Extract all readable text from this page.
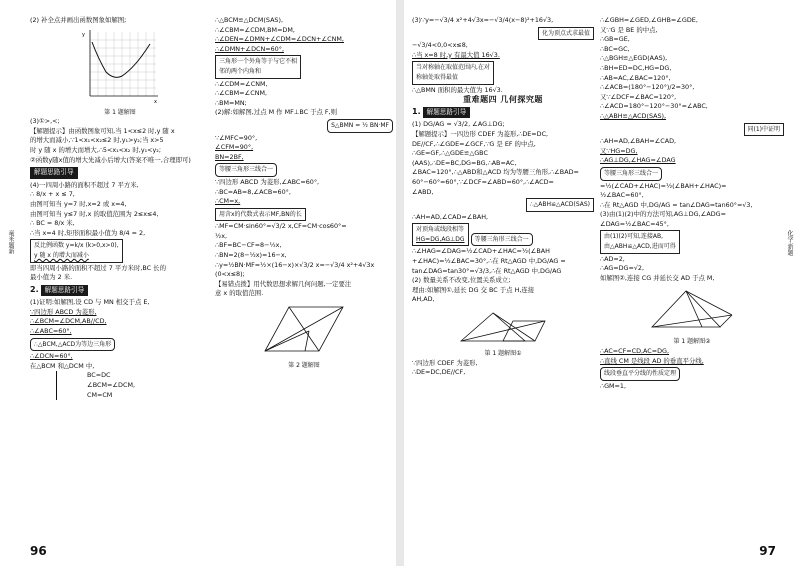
毫米题新

(2) 补全点并画出函数图象如解图;

y
x

第 1 题解图

(3)①>,<;

【解题提示】由函数图象可知,当 1<x≤2 时,y 随 x

的增大而减小,∵1<x₁<x₂≤2 时,y₁>y₂;当 x>5

时 y 随 x 的增大而增大,∴5<x₁<x₂ 时,y₁<y₂;

②函数y随x值的增大先减小后增大(答案不唯一,合理即可)

解题思路引导

(4)一四周小路的面积不超过 7 平方米,

∴ 8/x + x ≤ 7,

由图可知当 y=7 时,x=2 或 x=4,

由图可知当 y≤7 时,x 的取值范围为 2≤x≤4,

∴ BC = 8/x 米,

∴当 x=4 时,矩形面积最小值为 8/4 = 2,

反比例函数 y=k/x (k>0,x>0),

y 随 x 的增大而减小

即当四周小路的面积不超过 7 平方米时,BC 长的

最小值为 2 米.

2. 解题思路引导

(1)证明:如解图,设 CD 与 MN 相交于点 E,

∵四边形 ABCD 为菱形,

∴∠BCM=∠DCM,AB//CD,

∴∠ABC=60°,

∴△BCM,△ACD为等边三角形

∴∠DCN=60°,

在△BCM 和△DCM 中,

BC=DC

∠BCM=∠DCM,

CM=CM

∴△BCM≌△DCM(SAS),

∴∠CBM=∠CDM,BM=DM,

∴∠DEN=∠DMN+∠CDM=∠DCN+∠CNM,

∴∠DMN+∠DCN=60°,

三角形一个外角等于与它不相

邻的两个内角和

∴∠CDM=∠CNM,

∴∠CBM=∠CNM,

∴BM=MN;

(2)解:如解图,过点 M 作 MF⊥BC 于点 F,则

S△BMN = ½ BN·MF

∵∠MFC=90°,

∠CFM=90°,

BN=2BF,

等腰三角形三线合一

∵四边形 ABCD 为菱形,∠ABC=60°,

∴BC=AB=8,∠ACB=60°,

∴CM=x,

用含x的代数式表示MF,BN的长

∴MF=CM·sin60°=√3/2 x,CF=CM·cos60°=

½x,

∴BF=BC−CF=8−½x,

∴BN=2(8−½x)=16−x,

∴y=½BN·MF=½×(16−x)×√3/2 x=−√3/4 x²+4√3x

(0<x≤8);

【易错点拨】用代数思想求解几何问题,一定要注

意 x 的取值范围.

第 2 题解图

96
化学·新题

(3)∵y=−√3/4 x²+4√3x=−√3/4(x−8)²+16√3,

化为顶点式求最值

−√3/4<0,0<x≤8,

∴当 x=8 时,y 有最大值 16√3.

当对称轴在取值范围内,在对

称轴处取得最值

∴△BMN 面积的最大值为 16√3.

重难题四 几何探究题

1. 解题思路引导

(1) DG/AG = √3/2, ∠AG⊥DG;

【解题提示】一四边形 CDEF 为菱形,∴DE=DC,

DE//CF,∴∠GDE=∠GCF,∵G 是 EF 的中点,

∴GE=GF,∴△GDE≌△GBC

(AAS),∴DE=BC,DG=BG,∴AB=AC,

∠BAC=120°,∴△ABD和△ACD 均为等腰三角形,∴∠BAD=

60°−60°=60°,∵∠DCF=∠ABD=60°,∴∠ACD=

∠ABD,

∴△ABH≌△ACD(SAS)

∴AH=AD,∠CAD=∠BAH,

对顶角或线段相等

HG=DG,AG⊥DG

等腰三角形三线合一

∴∠HAG=∠DAG=½∠CAD+∠HAC=½(∠BAH

+∠HAC)=½∠BAC=30°,∴在 Rt△AGD 中,DG/AG =

tan∠DAG=tan30°=√3/3,∴在 Rt△AGD 中,DG/AG

(2) 数量关系不改变,位置关系成立;

理由:如解图①,延长 DG 交 BC 于点 H,连接

AH,AD,

第 1 题解图①

∵四边形 CDEF 为菱形,

∴DE=DC,DE//CF,

∴∠GBH=∠GED,∠GHB=∠GDE,

又∵G 是 BE 的中点,

∴GB=GE,

∴BC=GC,

∴△BGH≌△EGD(AAS),

∴BH=ED=DC,HG=DG,

∴AB=AC,∠BAC=120°,

∴∠ACB=(180°−120°)/2=30°,

又∵∠DCF=∠BAC=120°,

∴∠ACD=180°−120°−30°=∠ABC,

∴△ABH≌△ACD(SAS),

同(1)中证明

∴AH=AD,∠BAH=∠CAD,

又∵HG=DG,

∴AG⊥DG,∠HAG=∠DAG

等腰三角形三线合一

=½(∠CAD+∠HAC)=½(∠BAH+∠HAC)=

½∠BAC=60°,

∴在 Rt△AGD 中,DG/AG = tan∠DAG=tan60°=√3,

(3)由(1)(2)中的方法可知,AG⊥DG,∠ADG=

∠DAG=½∠BAC=45°,

由(1)(2)可知,连接AB,

由△ABH≌△ACD,进而可得

∴AD=2,

∴AG=DG=√2,

如解图②,连接 CG 并延长交 AD 于点 M,

第 1 题解图②

∴AC=CF=CD,AC=DG,

∴直线 CM 是线段 AD 的垂直平分线,

线段垂直平分线的性质定理

∴GM=1,

97
